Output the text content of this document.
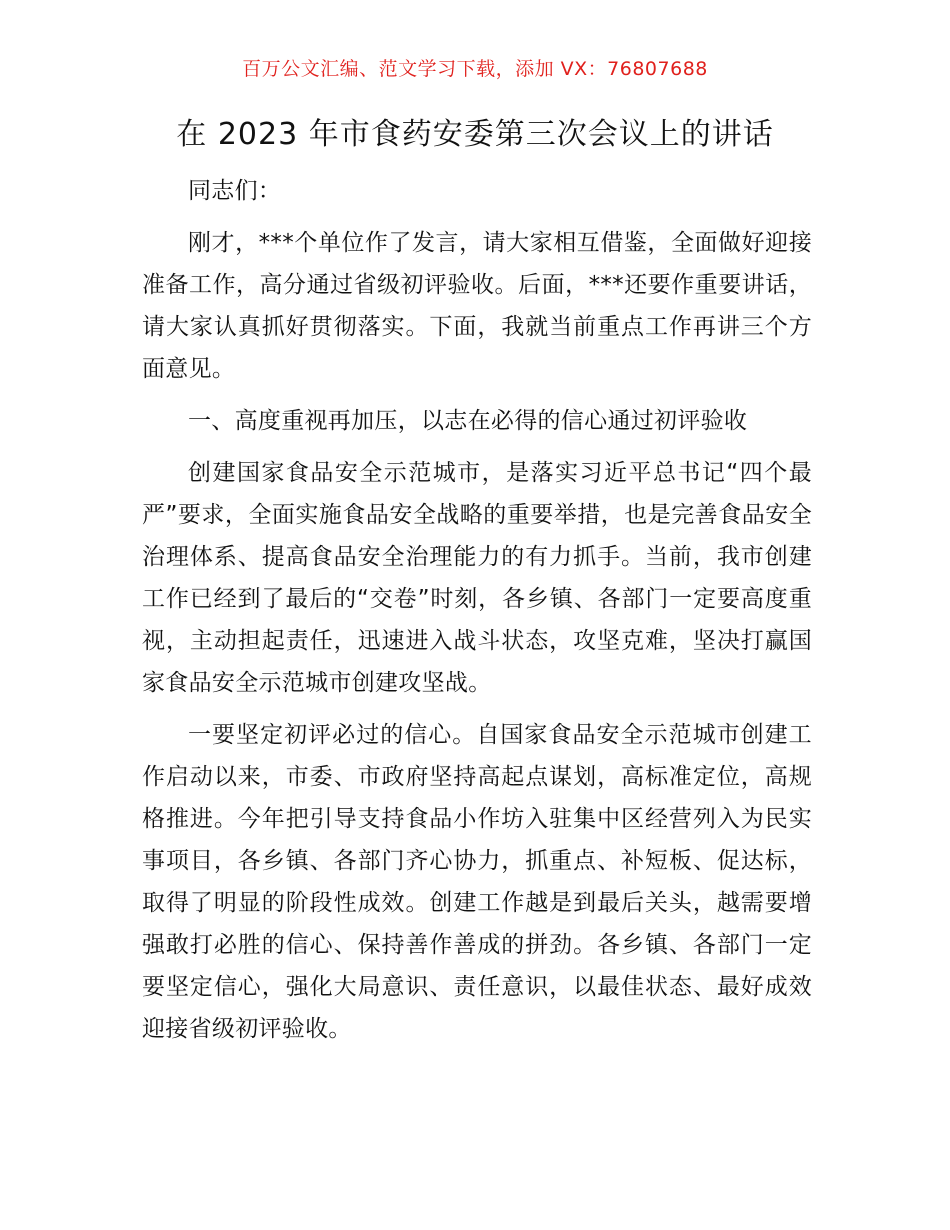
百万公文汇编、范文学习下载，添加 VX：76807688
在 2023 年市食药安委第三次会议上的讲话

同志们：

刚才，***个单位作了发言，请大家相互借鉴，全面做好迎接准备工作，高分通过省级初评验收。后面，***还要作重要讲话，请大家认真抓好贯彻落实。下面，我就当前重点工作再讲三个方面意见。

一、高度重视再加压，以志在必得的信心通过初评验收

创建国家食品安全示范城市，是落实习近平总书记“四个最严”要求，全面实施食品安全战略的重要举措，也是完善食品安全治理体系、提高食品安全治理能力的有力抓手。当前，我市创建工作已经到了最后的“交卷”时刻，各乡镇、各部门一定要高度重视，主动担起责任，迅速进入战斗状态，攻坚克难，坚决打赢国家食品安全示范城市创建攻坚战。

一要坚定初评必过的信心。自国家食品安全示范城市创建工作启动以来，市委、市政府坚持高起点谋划，高标准定位，高规格推进。今年把引导支持食品小作坊入驻集中区经营列入为民实事项目，各乡镇、各部门齐心协力，抓重点、补短板、促达标，取得了明显的阶段性成效。创建工作越是到最后关头，越需要增强敢打必胜的信心、保持善作善成的拼劲。各乡镇、各部门一定要坚定信心，强化大局意识、责任意识，以最佳状态、最好成效迎接省级初评验收。
